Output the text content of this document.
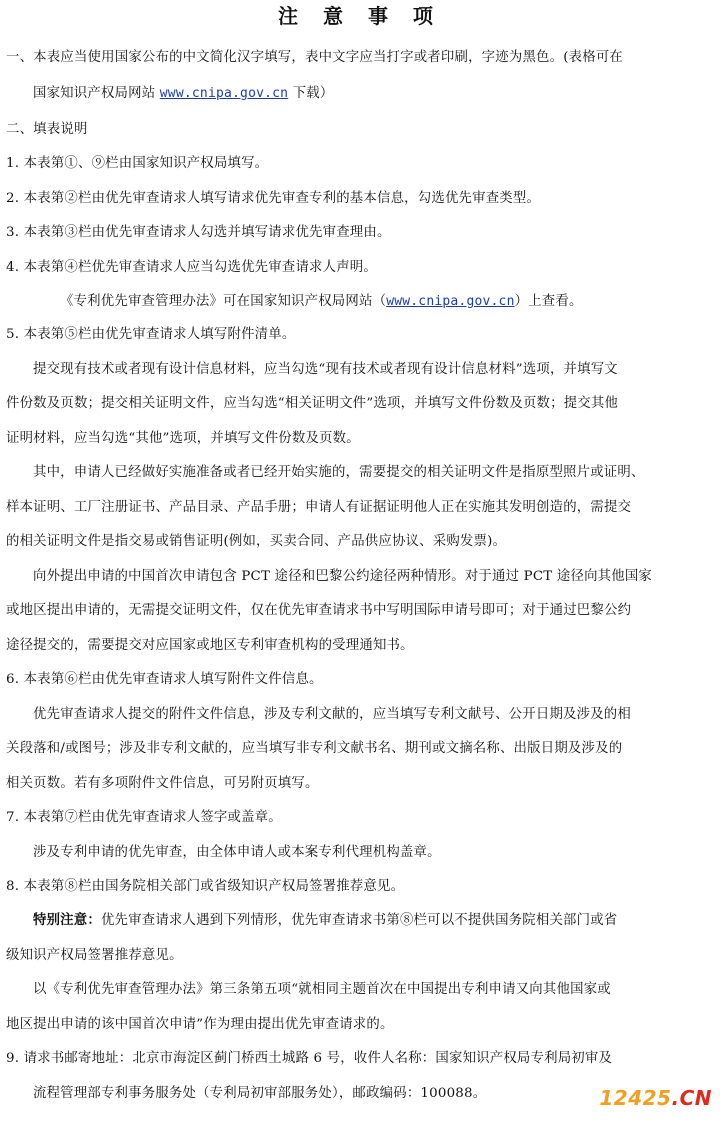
注 意 事 项
一、本表应当使用国家公布的中文简化汉字填写，表中文字应当打字或者印刷，字迹为黑色。(表格可在
国家知识产权局网站 www.cnipa.gov.cn 下载）
二、填表说明
1. 本表第①、⑨栏由国家知识产权局填写。
2. 本表第②栏由优先审查请求人填写请求优先审查专利的基本信息，勾选优先审查类型。
3. 本表第③栏由优先审查请求人勾选并填写请求优先审查理由。
4. 本表第④栏优先审查请求人应当勾选优先审查请求人声明。
《专利优先审查管理办法》可在国家知识产权局网站（www.cnipa.gov.cn）上查看。
5. 本表第⑤栏由优先审查请求人填写附件清单。
提交现有技术或者现有设计信息材料，应当勾选“现有技术或者现有设计信息材料”选项，并填写文
件份数及页数；提交相关证明文件，应当勾选“相关证明文件”选项，并填写文件份数及页数；提交其他
证明材料，应当勾选“其他”选项，并填写文件份数及页数。
其中，申请人已经做好实施准备或者已经开始实施的，需要提交的相关证明文件是指原型照片或证明、
样本证明、工厂注册证书、产品目录、产品手册；申请人有证据证明他人正在实施其发明创造的，需提交
的相关证明文件是指交易或销售证明(例如，买卖合同、产品供应协议、采购发票)。
向外提出申请的中国首次申请包含 PCT 途径和巴黎公约途径两种情形。对于通过 PCT 途径向其他国家
或地区提出申请的，无需提交证明文件，仅在优先审查请求书中写明国际申请号即可；对于通过巴黎公约
途径提交的，需要提交对应国家或地区专利审查机构的受理通知书。
6. 本表第⑥栏由优先审查请求人填写附件文件信息。
优先审查请求人提交的附件文件信息，涉及专利文献的，应当填写专利文献号、公开日期及涉及的相
关段落和/或图号；涉及非专利文献的，应当填写非专利文献书名、期刊或文摘名称、出版日期及涉及的
相关页数。若有多项附件文件信息，可另附页填写。
7. 本表第⑦栏由优先审查请求人签字或盖章。
涉及专利申请的优先审查，由全体申请人或本案专利代理机构盖章。
8. 本表第⑧栏由国务院相关部门或省级知识产权局签署推荐意见。
特别注意：优先审查请求人遇到下列情形，优先审查请求书第⑧栏可以不提供国务院相关部门或省
级知识产权局签署推荐意见。
以《专利优先审查管理办法》第三条第五项“就相同主题首次在中国提出专利申请又向其他国家或
地区提出申请的该中国首次申请”作为理由提出优先审查请求的。
9. 请求书邮寄地址：北京市海淀区蓟门桥西土城路 6 号，收件人名称：国家知识产权局专利局初审及
流程管理部专利事务服务处（专利局初审部服务处），邮政编码：100088。	12425.CN
